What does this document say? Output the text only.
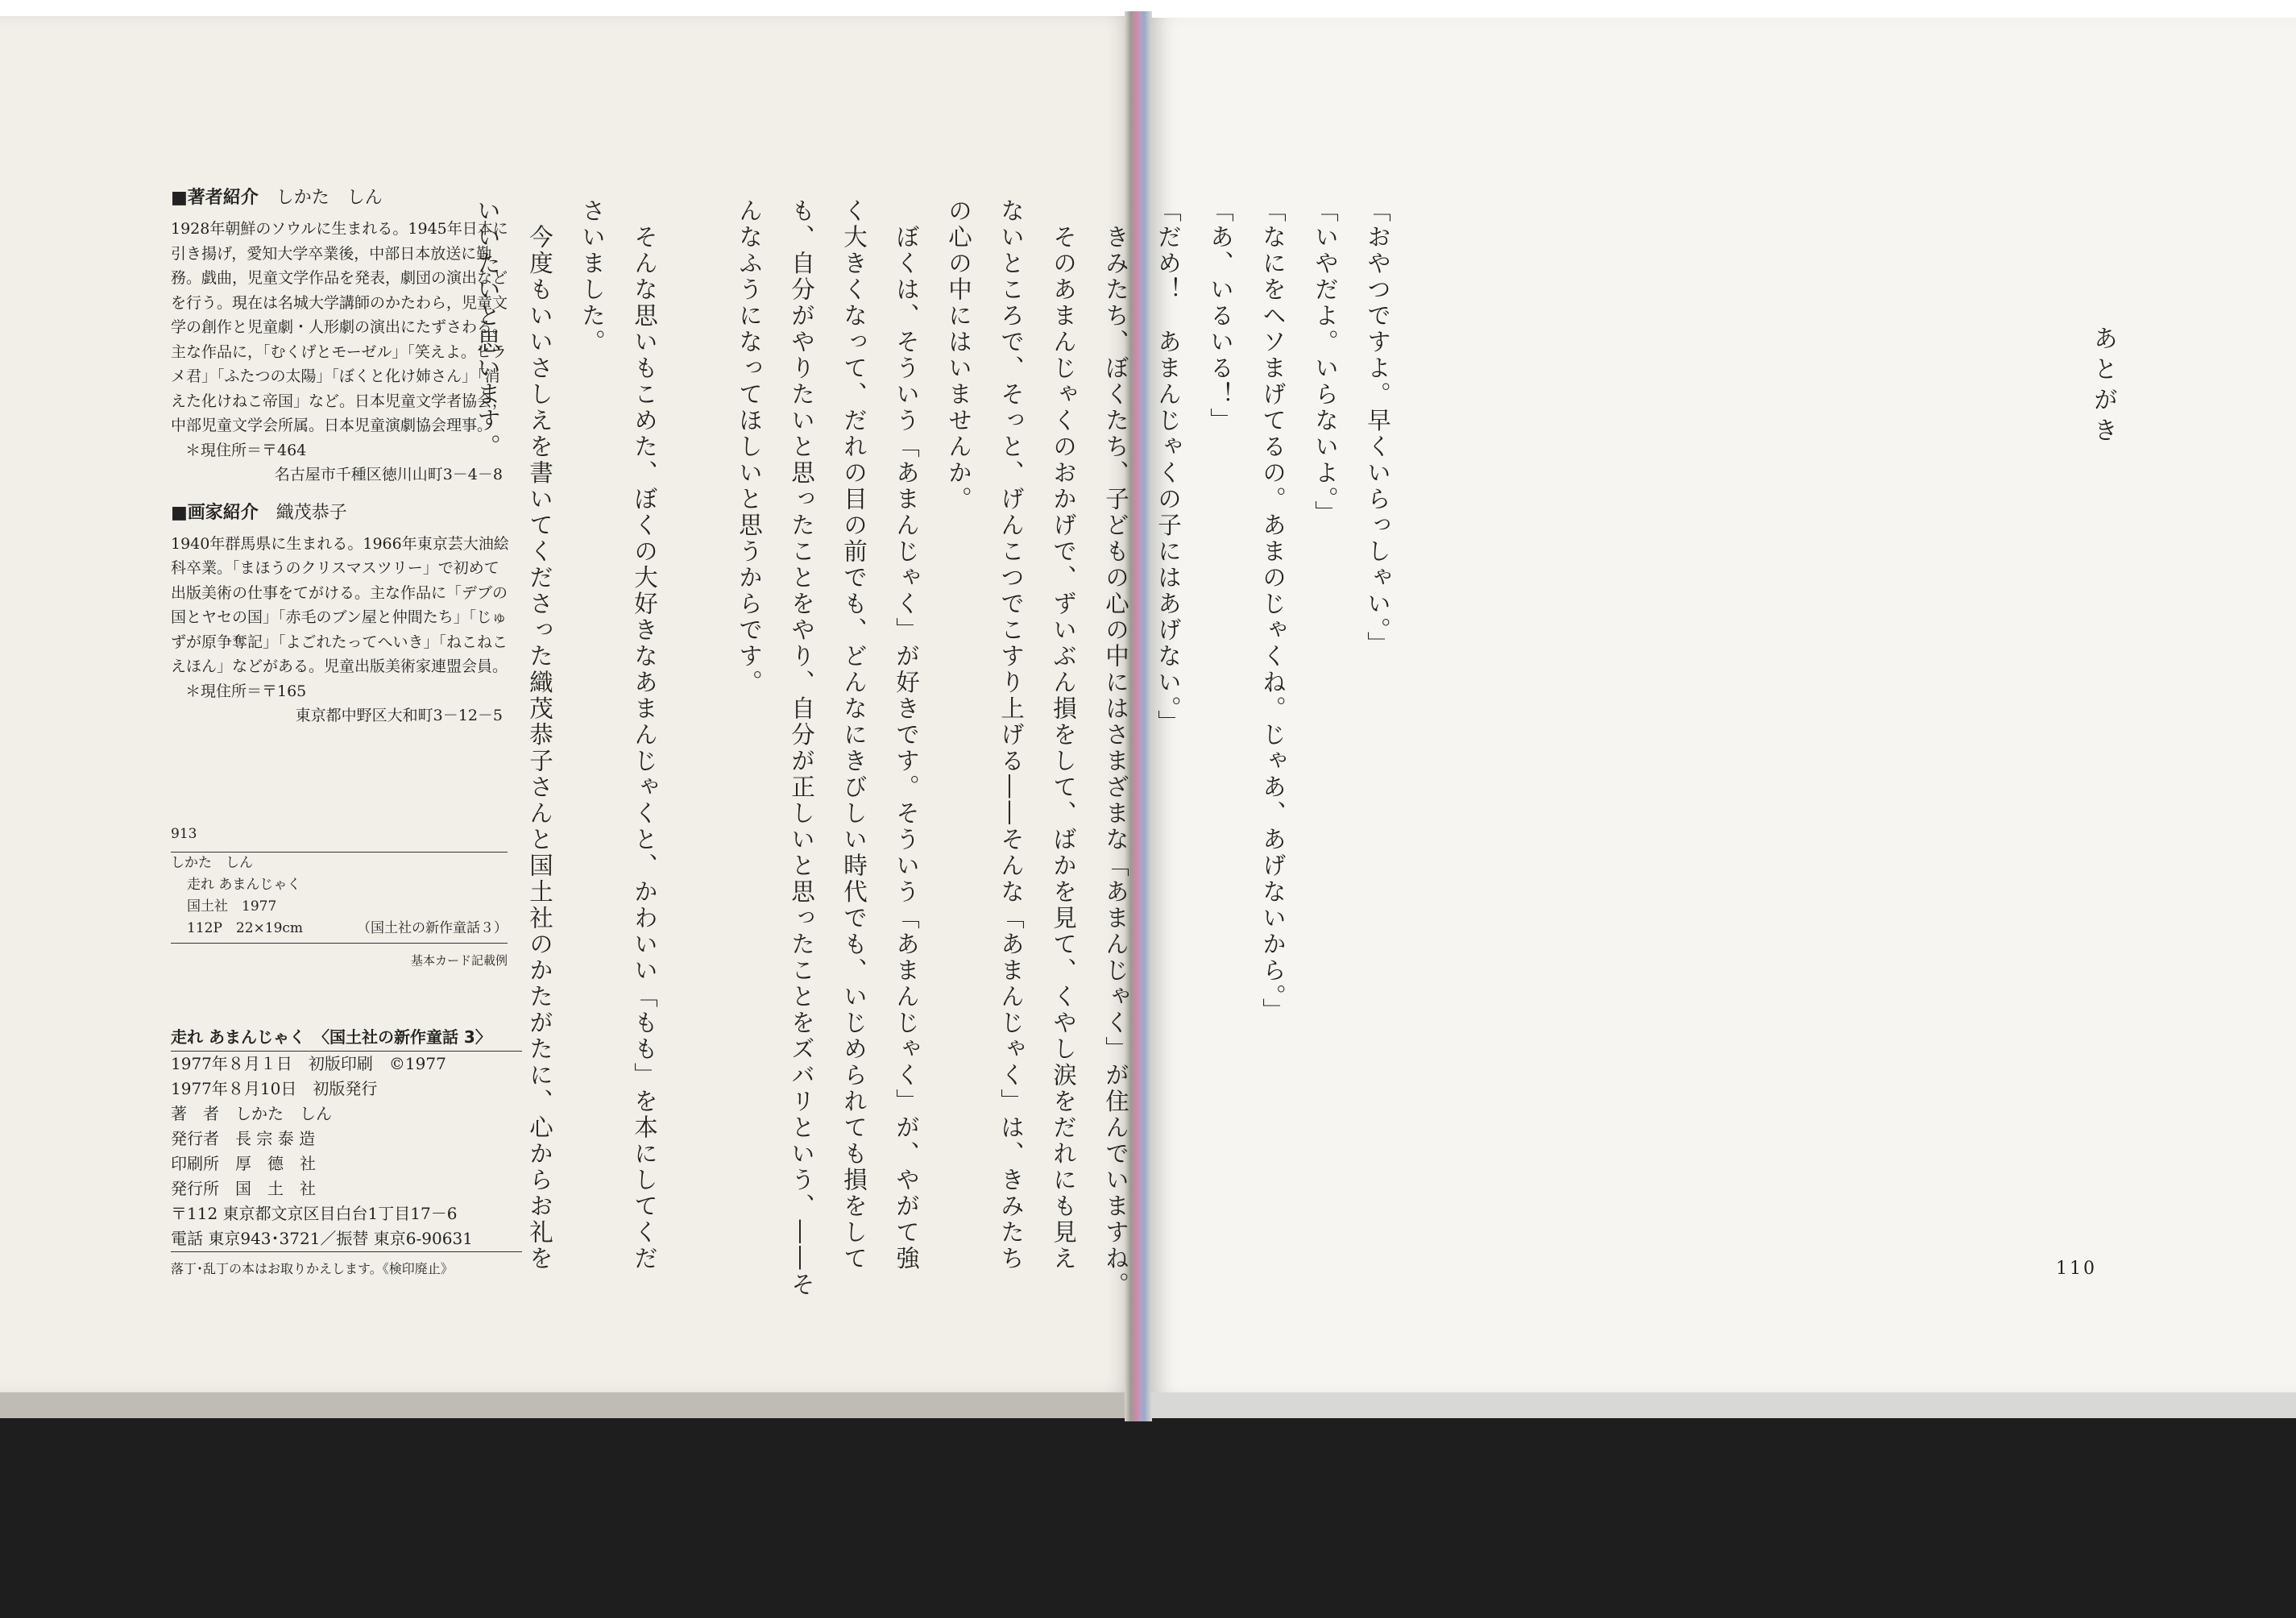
■著者紹介 しかた　しん
1928年朝鮮のソウルに生まれる。1945年日本に引き揚げ，愛知大学卒業後，中部日本放送に勤務。戯曲，児童文学作品を発表，劇団の演出などを行う。現在は名城大学講師のかたわら，児童文学の創作と児童劇・人形劇の演出にたずさわる。主な作品に，「むくげとモーゼル」「笑えよ。ヒラメ君」「ふたつの太陽」「ぼくと化け姉さん」「消えた化けねこ帝国」など。日本児童文学者協会，中部児童文学会所属。日本児童演劇協会理事。
＊現住所＝〒464
名古屋市千種区徳川山町3－4－8
■画家紹介 織茂恭子
1940年群馬県に生まれる。1966年東京芸大油絵科卒業。「まほうのクリスマスツリー」で初めて出版美術の仕事をてがける。主な作品に「デブの国とヤセの国」「赤毛のブン屋と仲間たち」「じゅずが原争奪記」「よごれたってへいき」「ねこねこえほん」などがある。児童出版美術家連盟会員。
＊現住所＝〒165
東京都中野区大和町3－12－5
913
しかた　しん
走れ あまんじゃく
国土社　1977
112P　22×19cm	（国土社の新作童話３）
基本カード記載例
走れ あまんじゃく　〈国土社の新作童話 3〉
1977年８月１日　初版印刷　©1977
1977年８月10日　初版発行
著　者　しかた　しん
発行者　長 宗 泰 造
印刷所　厚　德　社
発行所　国　土　社
〒112 東京都文京区目白台1丁目17－6
電話 東京943･3721／振替 東京6-90631
落丁･乱丁の本はお取りかえします。《検印廃止》
あとがき
「おやつですよ。早くいらっしゃい。」
「いやだよ。いらないよ。」
「なにをヘソまげてるの。あまのじゃくね。じゃあ、あげないから。」
「あ、いるいる！」
「だめ！　あまんじゃくの子にはあげない。」
　きみたち、ぼくたち、子どもの心の中にはさまざまな「あまんじゃく」が住んでいますね。
　そのあまんじゃくのおかげで、ずいぶん損をして、ばかを見て、くやし涙をだれにも見え
ないところで、そっと、げんこつでこすり上げる――そんな「あまんじゃく」は、きみたち
の心の中にはいませんか。
　ぼくは、そういう「あまんじゃく」が好きです。そういう「あまんじゃく」が、やがて強
く大きくなって、だれの目の前でも、どんなにきびしい時代でも、いじめられても損をして
も、自分がやりたいと思ったことをやり、自分が正しいと思ったことをズバリという、――そ
んなふうになってほしいと思うからです。

　そんな思いもこめた、ぼくの大好きなあまんじゃくと、かわいい「もも」を本にしてくだ
さいました。
　今度もいいさしえを書いてくださった織茂恭子さんと国土社のかたがたに、心からお礼を
いいたいと思います。
110
